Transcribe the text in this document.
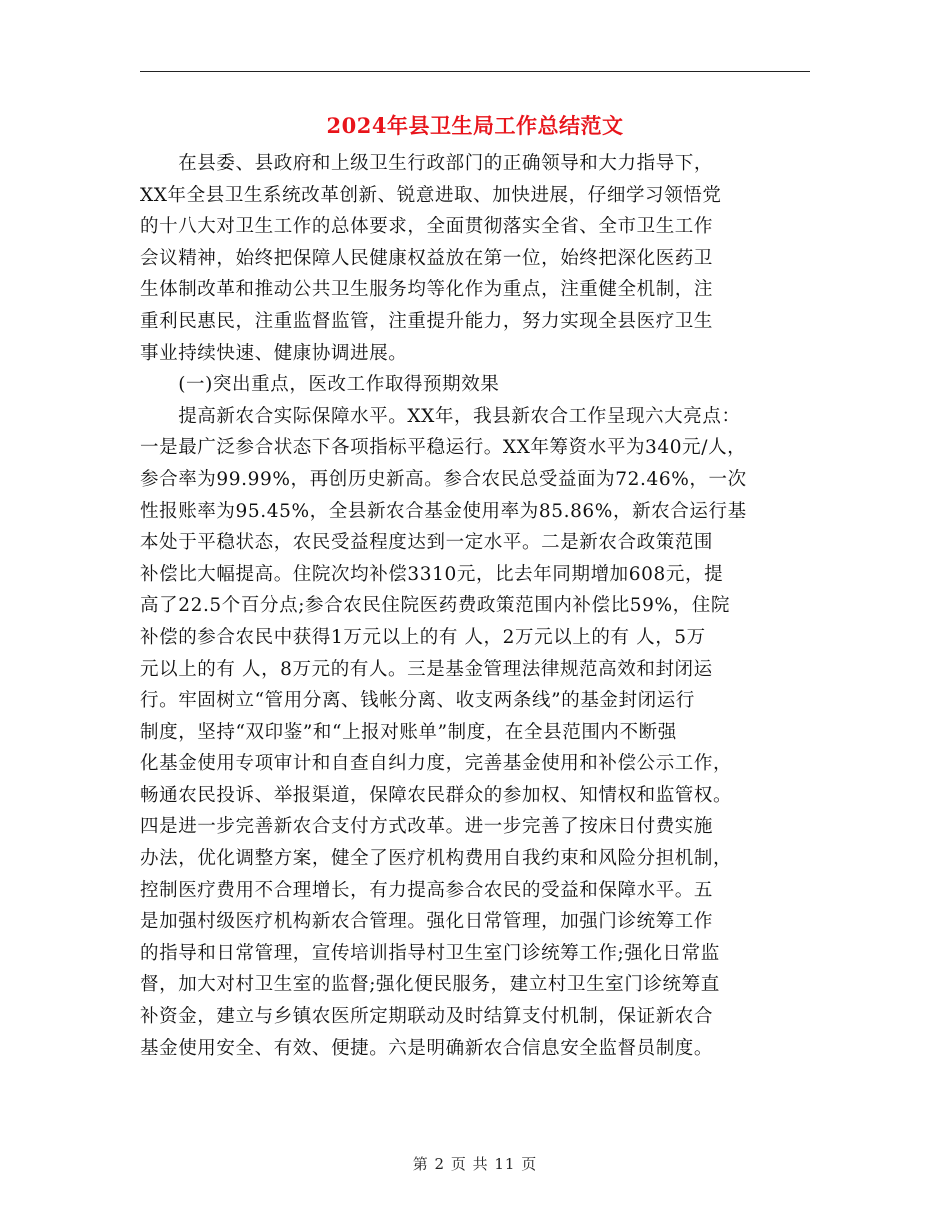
2024年县卫生局工作总结范文
　　在县委、县政府和上级卫生行政部门的正确领导和大力指导下，
XX年全县卫生系统改革创新、锐意进取、加快进展，仔细学习领悟党
的十八大对卫生工作的总体要求，全面贯彻落实全省、全市卫生工作
会议精神，始终把保障人民健康权益放在第一位，始终把深化医药卫
生体制改革和推动公共卫生服务均等化作为重点，注重健全机制，注
重利民惠民，注重监督监管，注重提升能力，努力实现全县医疗卫生
事业持续快速、健康协调进展。
　　(一)突出重点，医改工作取得预期效果
　　提高新农合实际保障水平。XX年，我县新农合工作呈现六大亮点：
一是最广泛参合状态下各项指标平稳运行。XX年筹资水平为340元/人，
参合率为99.99%，再创历史新高。参合农民总受益面为72.46%，一次
性报账率为95.45%，全县新农合基金使用率为85.86%，新农合运行基
本处于平稳状态，农民受益程度达到一定水平。二是新农合政策范围
补偿比大幅提高。住院次均补偿3310元，比去年同期增加608元，提
高了22.5个百分点;参合农民住院医药费政策范围内补偿比59%，住院
补偿的参合农民中获得1万元以上的有 人，2万元以上的有 人，5万
元以上的有 人，8万元的有人。三是基金管理法律规范高效和封闭运
行。牢固树立“管用分离、钱帐分离、收支两条线”的基金封闭运行
制度，坚持“双印鉴”和“上报对账单”制度，在全县范围内不断强
化基金使用专项审计和自查自纠力度，完善基金使用和补偿公示工作，
畅通农民投诉、举报渠道，保障农民群众的参加权、知情权和监管权。
四是进一步完善新农合支付方式改革。进一步完善了按床日付费实施
办法，优化调整方案，健全了医疗机构费用自我约束和风险分担机制，
控制医疗费用不合理增长，有力提高参合农民的受益和保障水平。五
是加强村级医疗机构新农合管理。强化日常管理，加强门诊统筹工作
的指导和日常管理，宣传培训指导村卫生室门诊统筹工作;强化日常监
督，加大对村卫生室的监督;强化便民服务，建立村卫生室门诊统筹直
补资金，建立与乡镇农医所定期联动及时结算支付机制，保证新农合
基金使用安全、有效、便捷。六是明确新农合信息安全监督员制度。
第 2 页 共 11 页
